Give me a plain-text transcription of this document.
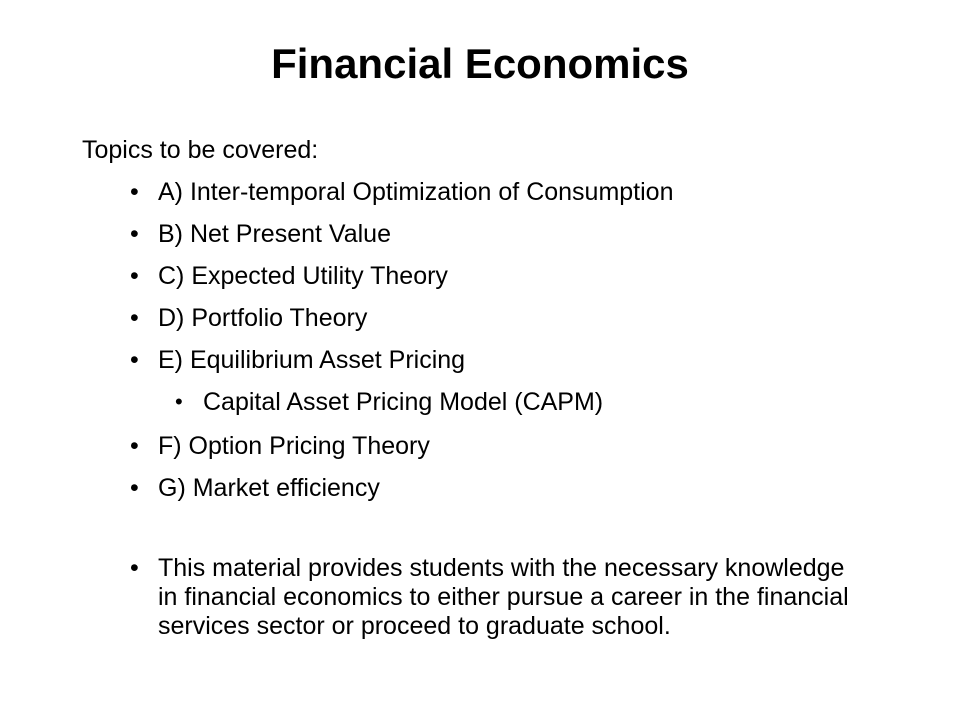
Financial Economics
Topics to be covered:
• A) Inter-temporal Optimization of Consumption
• B) Net Present Value
• C) Expected Utility Theory
• D) Portfolio Theory
• E) Equilibrium Asset Pricing
• Capital Asset Pricing Model (CAPM)
• F) Option Pricing Theory
• G) Market efficiency
• This material provides students with the necessary knowledge in financial economics to either pursue a career in the financial services sector or proceed to graduate school.
